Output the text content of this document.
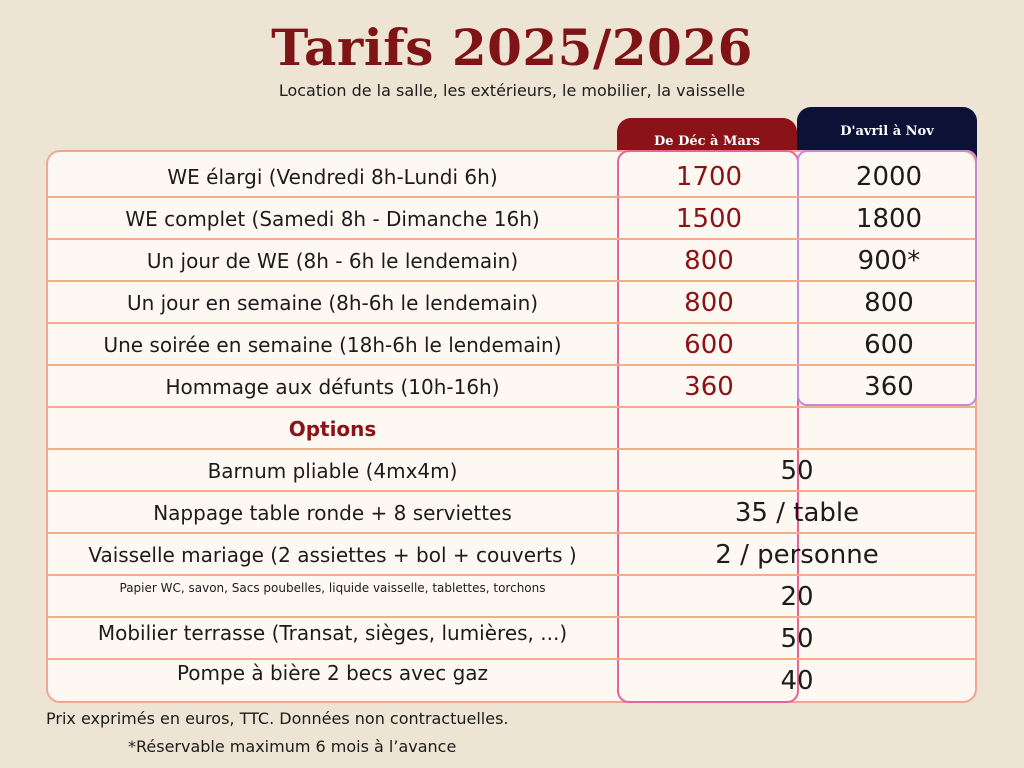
Tarifs 2025/2026
Location de la salle, les extérieurs, le mobilier, la vaisselle
De Déc à Mars
D'avril à Nov
WE élargi (Vendredi 8h-Lundi 6h)	1700	2000
WE complet (Samedi 8h - Dimanche 16h)	1500	1800
Un jour de WE (8h - 6h le lendemain)	800	900*
Un jour en semaine (8h-6h le lendemain)	800	800
Une soirée en semaine (18h-6h le lendemain)	600	600
Hommage aux défunts (10h-16h)	360	360
Options
Barnum pliable (4mx4m)	50
Nappage table ronde + 8 serviettes	35 / table
Vaisselle mariage (2 assiettes + bol + couverts )	2 / personne
Papier WC, savon, Sacs poubelles, liquide vaisselle, tablettes, torchons	20
Mobilier terrasse (Transat, sièges, lumières, ...)	50
Pompe à bière 2 becs avec gaz	40
Prix exprimés en euros, TTC. Données non contractuelles.
*Réservable maximum 6 mois à l’avance
